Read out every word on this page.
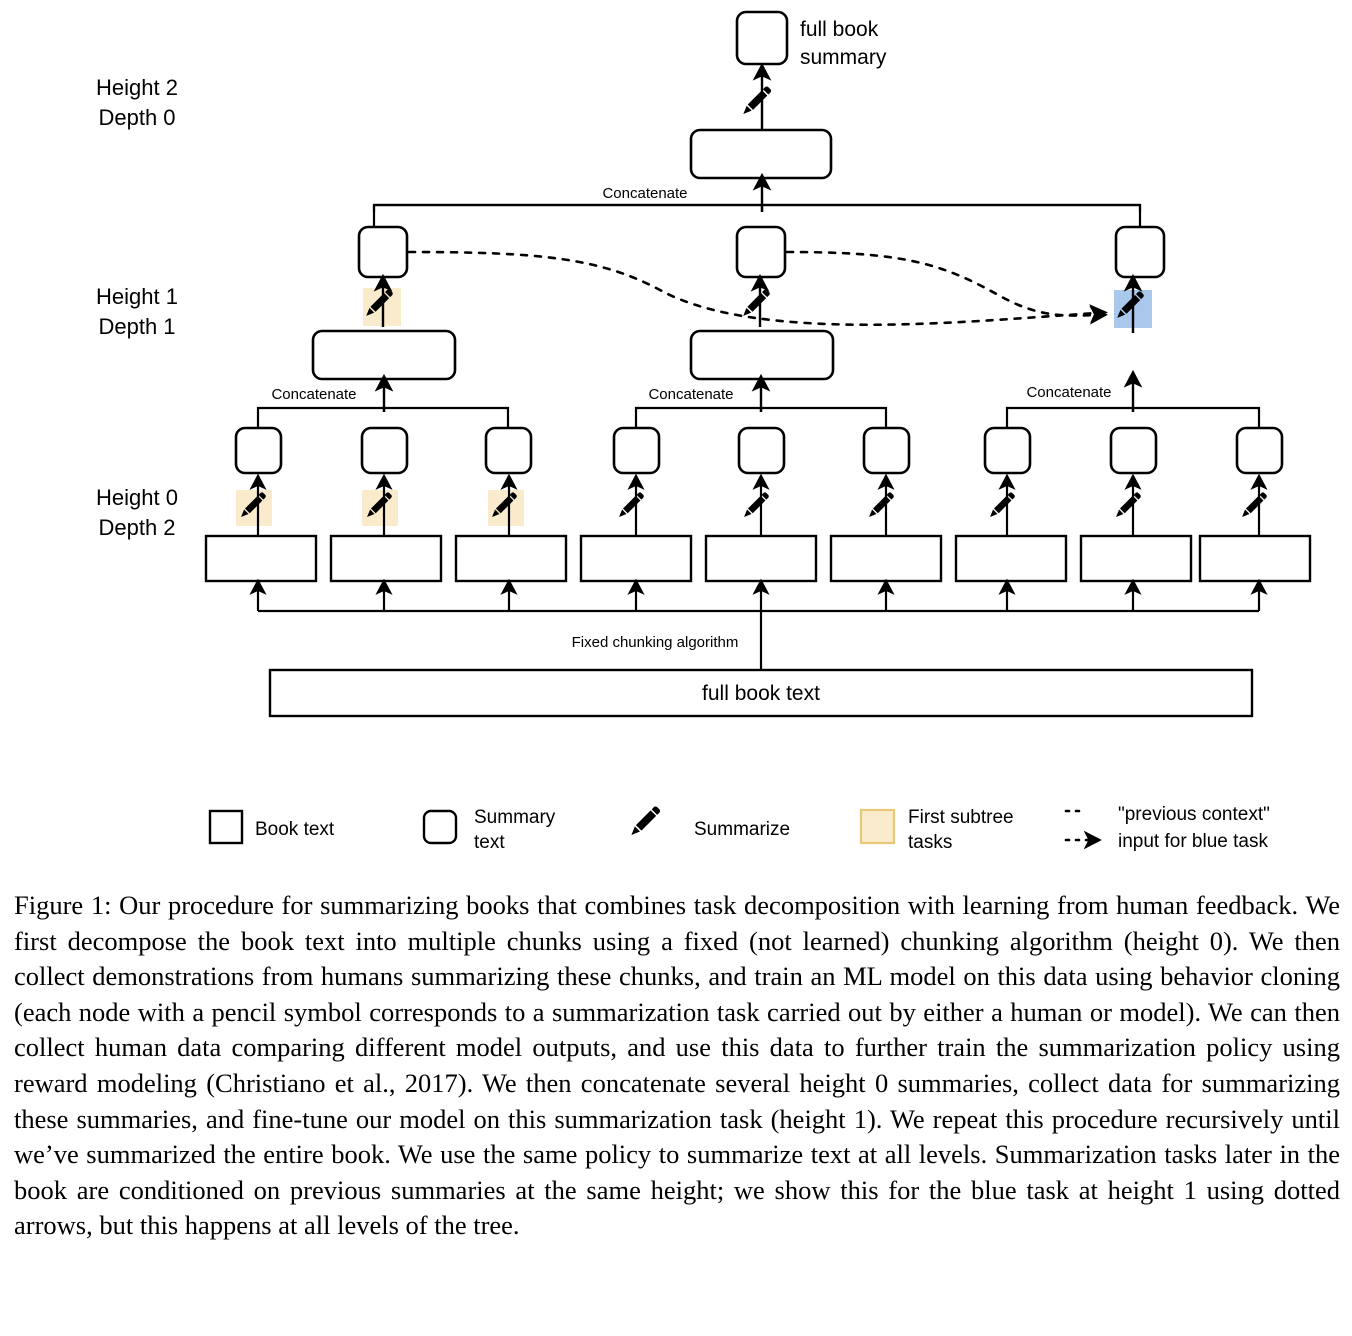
Height 2
Depth 0
Height 1
Depth 1
Height 0
Depth 2
full book
summary
Concatenate
Concatenate	Concatenate	Concatenate
Fixed chunking algorithm
full book text
Book text
Summary
text
Summarize
First subtree
tasks
"previous context"
input for blue task
Figure 1: Our procedure for summarizing books that combines task decomposition with learning from human feedback. We first decompose the book text into multiple chunks using a fixed (not learned) chunking algorithm (height 0). We then collect demonstrations from humans summarizing these chunks, and train an ML model on this data using behavior cloning (each node with a pencil symbol corresponds to a summarization task carried out by either a human or model). We can then collect human data comparing different model outputs, and use this data to further train the summarization policy using reward modeling (Christiano et al., 2017). We then concatenate several height 0 summaries, collect data for summarizing these summaries, and fine-tune our model on this summarization task (height 1). We repeat this procedure recursively until we’ve summarized the entire book. We use the same policy to summarize text at all levels. Summarization tasks later in the book are conditioned on previous summaries at the same height; we show this for the blue task at height 1 using dotted arrows, but this happens at all levels of the tree.
